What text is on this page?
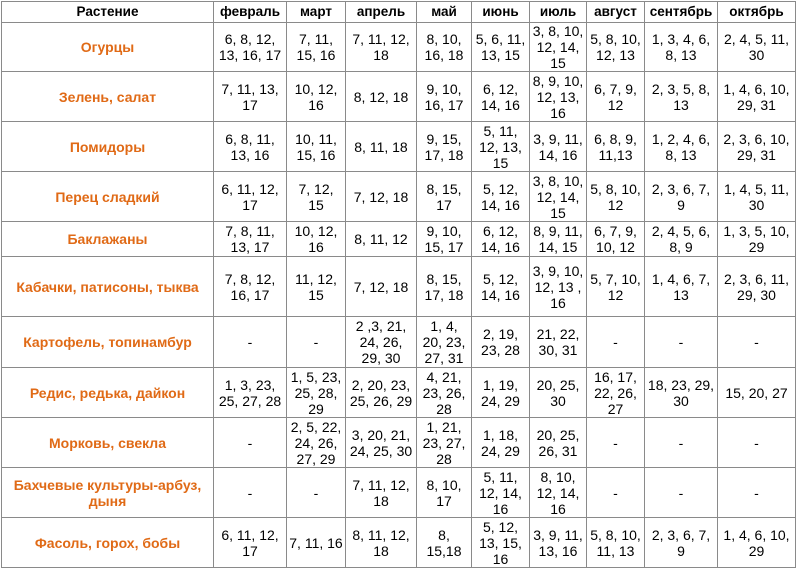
Растение	февраль	март	апрель	май	июнь	июль	август	сентябрь	октябрь
Огурцы	6, 8, 12, 13, 16, 17	7, 11, 15, 16	7, 11, 12, 18	8, 10, 16, 18	5, 6, 11, 13, 15	3, 8, 10, 12, 14, 15	5, 8, 10, 12, 13	1, 3, 4, 6, 8, 13	2, 4, 5, 11, 30
Зелень, салат	7, 11, 13, 17	10, 12, 16	8, 12, 18	9, 10, 16, 17	6, 12, 14, 16	8, 9, 10, 12, 13, 16	6, 7, 9, 12	2, 3, 5, 8, 13	1, 4, 6, 10, 29, 31
Помидоры	6, 8, 11, 13, 16	10, 11, 15, 16	8, 11, 18	9, 15, 17, 18	5, 11, 12, 13, 15	3, 9, 11, 14, 16	6, 8, 9, 11,13	1, 2, 4, 6, 8, 13	2, 3, 6, 10, 29, 31
Перец сладкий	6, 11, 12, 17	7, 12, 15	7, 12, 18	8, 15, 17	5, 12, 14, 16	3, 8, 10, 12, 14, 15	5, 8, 10, 12	2, 3, 6, 7, 9	1, 4, 5, 11, 30
Баклажаны	7, 8, 11, 13, 17	10, 12, 16	8, 11, 12	9, 10, 15, 17	6, 12, 14, 16	8, 9, 11, 14, 15	6, 7, 9, 10, 12	2, 4, 5, 6, 8, 9	1, 3, 5, 10, 29
Кабачки, патисоны, тыква	7, 8, 12, 16, 17	11, 12, 15	7, 12, 18	8, 15, 17, 18	5, 12, 14, 16	3, 9, 10, 12, 13 , 16	5, 7, 10, 12	1, 4, 6, 7, 13	2, 3, 6, 11, 29, 30
Картофель, топинамбур	-	-	2 ,3, 21, 24, 26, 29, 30	1, 4, 20, 23, 27, 31	2, 19, 23, 28	21, 22, 30, 31	-	-	-
Редис, редька, дайкон	1, 3, 23, 25, 27, 28	1, 5, 23, 25, 28, 29	2, 20, 23, 25, 26, 29	4, 21, 23, 26, 28	1, 19, 24, 29	20, 25, 30	16, 17, 22, 26, 27	18, 23, 29, 30	15, 20, 27
Морковь, свекла	-	2, 5, 22, 24, 26, 27, 29	3, 20, 21, 24, 25, 30	1, 21, 23, 27, 28	1, 18, 24, 29	20, 25, 26, 31	-	-	-
Бахчевые культуры-арбуз, дыня	-	-	7, 11, 12, 18	8, 10, 17	5, 11, 12, 14, 16	8, 10, 12, 14, 16	-	-	-
Фасоль, горох, бобы	6, 11, 12, 17	7, 11, 16	8, 11, 12, 18	8, 15,18	5, 12, 13, 15, 16	3, 9, 11, 13, 16	5, 8, 10, 11, 13	2, 3, 6, 7, 9	1, 4, 6, 10, 29
